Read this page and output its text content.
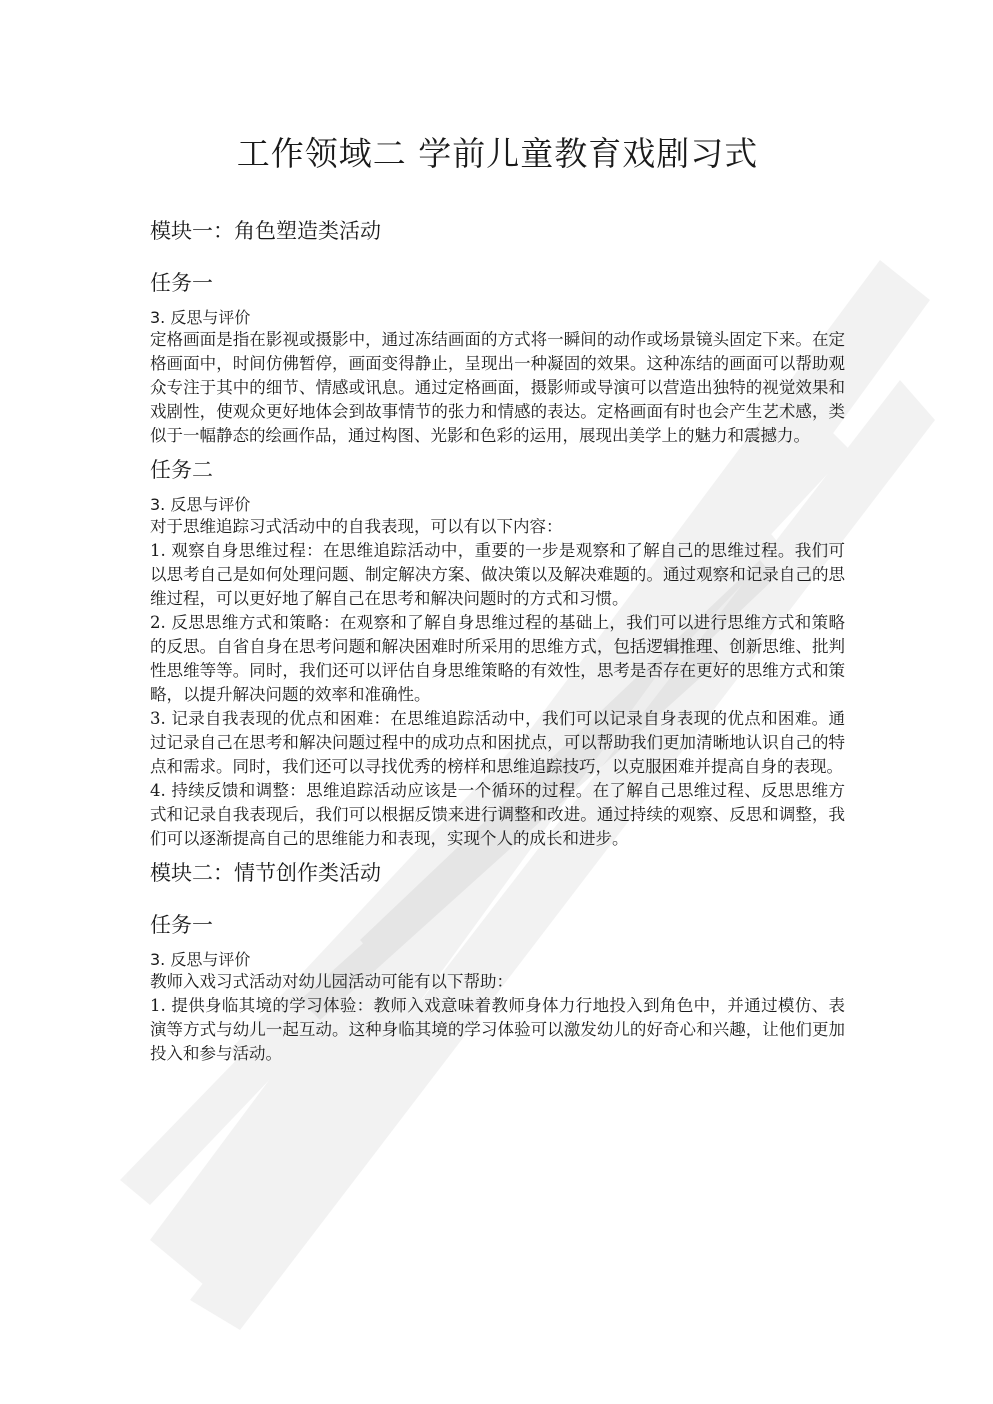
工作领域二 学前儿童教育戏剧习式
模块一：角色塑造类活动
任务一
3. 反思与评价

定格画面是指在影视或摄影中，通过冻结画面的方式将一瞬间的动作或场景镜头固定下来。在定格画面中，时间仿佛暂停，画面变得静止，呈现出一种凝固的效果。这种冻结的画面可以帮助观众专注于其中的细节、情感或讯息。通过定格画面，摄影师或导演可以营造出独特的视觉效果和戏剧性，使观众更好地体会到故事情节的张力和情感的表达。定格画面有时也会产生艺术感，类似于一幅静态的绘画作品，通过构图、光影和色彩的运用，展现出美学上的魅力和震撼力。

任务二
3. 反思与评价

对于思维追踪习式活动中的自我表现，可以有以下内容：

1. 观察自身思维过程：在思维追踪活动中，重要的一步是观察和了解自己的思维过程。我们可以思考自己是如何处理问题、制定解决方案、做决策以及解决难题的。通过观察和记录自己的思维过程，可以更好地了解自己在思考和解决问题时的方式和习惯。

2. 反思思维方式和策略：在观察和了解自身思维过程的基础上，我们可以进行思维方式和策略的反思。自省自身在思考问题和解决困难时所采用的思维方式，包括逻辑推理、创新思维、批判性思维等等。同时，我们还可以评估自身思维策略的有效性，思考是否存在更好的思维方式和策略，以提升解决问题的效率和准确性。

3. 记录自我表现的优点和困难：在思维追踪活动中，我们可以记录自身表现的优点和困难。通过记录自己在思考和解决问题过程中的成功点和困扰点，可以帮助我们更加清晰地认识自己的特点和需求。同时，我们还可以寻找优秀的榜样和思维追踪技巧，以克服困难并提高自身的表现。

4. 持续反馈和调整：思维追踪活动应该是一个循环的过程。在了解自己思维过程、反思思维方式和记录自我表现后，我们可以根据反馈来进行调整和改进。通过持续的观察、反思和调整，我们可以逐渐提高自己的思维能力和表现，实现个人的成长和进步。

模块二：情节创作类活动
任务一
3. 反思与评价

教师入戏习式活动对幼儿园活动可能有以下帮助：

1. 提供身临其境的学习体验：教师入戏意味着教师身体力行地投入到角色中，并通过模仿、表演等方式与幼儿一起互动。这种身临其境的学习体验可以激发幼儿的好奇心和兴趣，让他们更加投入和参与活动。
